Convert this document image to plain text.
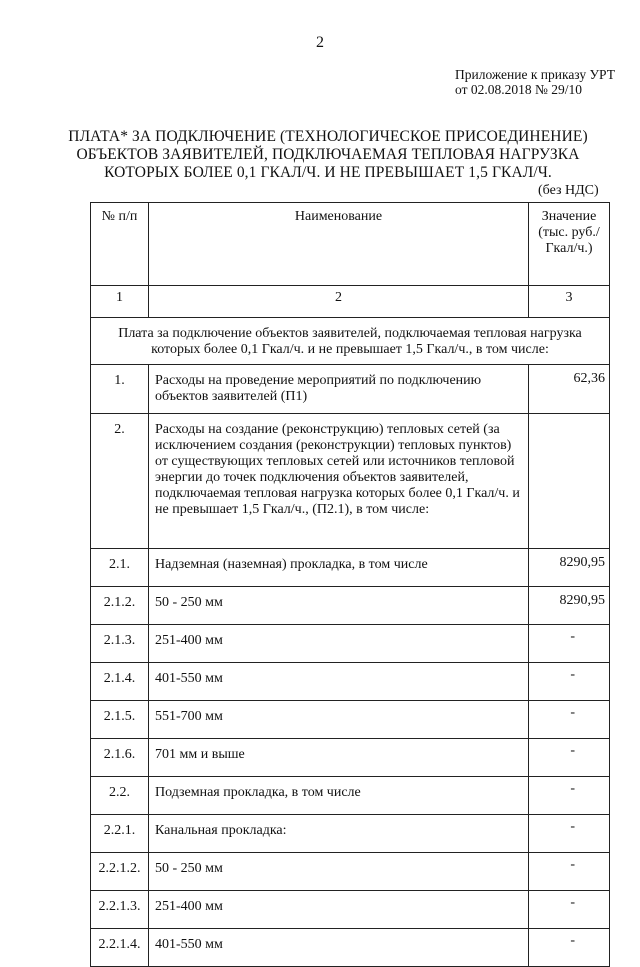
2
Приложение к приказу УРТ
от 02.08.2018 № 29/10
ПЛАТА* ЗА ПОДКЛЮЧЕНИЕ (ТЕХНОЛОГИЧЕСКОЕ ПРИСОЕДИНЕНИЕ)
ОБЪЕКТОВ ЗАЯВИТЕЛЕЙ, ПОДКЛЮЧАЕМАЯ ТЕПЛОВАЯ НАГРУЗКА
КОТОРЫХ БОЛЕЕ 0,1 ГКАЛ/Ч. И НЕ ПРЕВЫШАЕТ 1,5 ГКАЛ/Ч.
(без НДС)
№ п/п	Наименование	Значение (тыс. руб./Гкал/ч.)
1	2	3
Плата за подключение объектов заявителей, подключаемая тепловая нагрузка которых более 0,1 Гкал/ч. и не превышает 1,5 Гкал/ч., в том числе:		
1.	Расходы на проведение мероприятий по подключению объектов заявителей (П1)	62,36
2.	Расходы на создание (реконструкцию) тепловых сетей (за исключением создания (реконструкции) тепловых пунктов) от существующих тепловых сетей или источников тепловой энергии до точек подключения объектов заявителей, подключаемая тепловая нагрузка которых более 0,1 Гкал/ч. и не превышает 1,5 Гкал/ч., (П2.1), в том числе:	
2.1.	Надземная (наземная) прокладка, в том числе	8290,95
2.1.2.	50 - 250 мм	8290,95
2.1.3.	251-400 мм	-
2.1.4.	401-550 мм	-
2.1.5.	551-700 мм	-
2.1.6.	701 мм и выше	-
2.2.	Подземная прокладка, в том числе	-
2.2.1.	Канальная прокладка:	-
2.2.1.2.	50 - 250 мм	-
2.2.1.3.	251-400 мм	-
2.2.1.4.	401-550 мм	-
